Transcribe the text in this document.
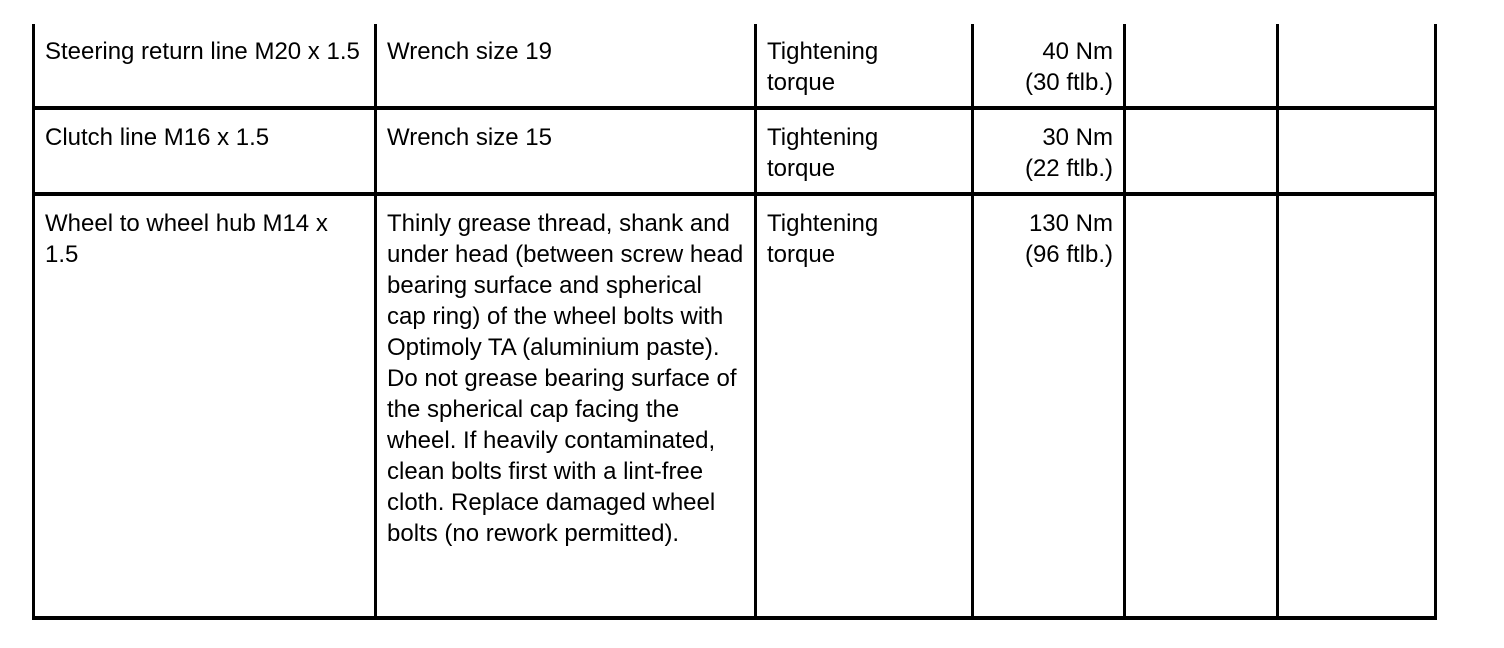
Steering return line M20 x 1.5	Wrench size 19	Tightening
torque	40 Nm
(30 ftlb.)		

Clutch line M16 x 1.5	Wrench size 15	Tightening
torque	30 Nm
(22 ftlb.)		

Wheel to wheel hub M14 x 1.5	Thinly grease thread, shank and under head (between screw head bearing surface and spherical cap ring) of the wheel bolts with Optimoly TA (aluminium paste). Do not grease bearing surface of the spherical cap facing the wheel. If heavily contaminated, clean bolts first with a lint-free cloth. Replace damaged wheel bolts (no rework permitted).	Tightening
torque	130 Nm
(96 ftlb.)		
